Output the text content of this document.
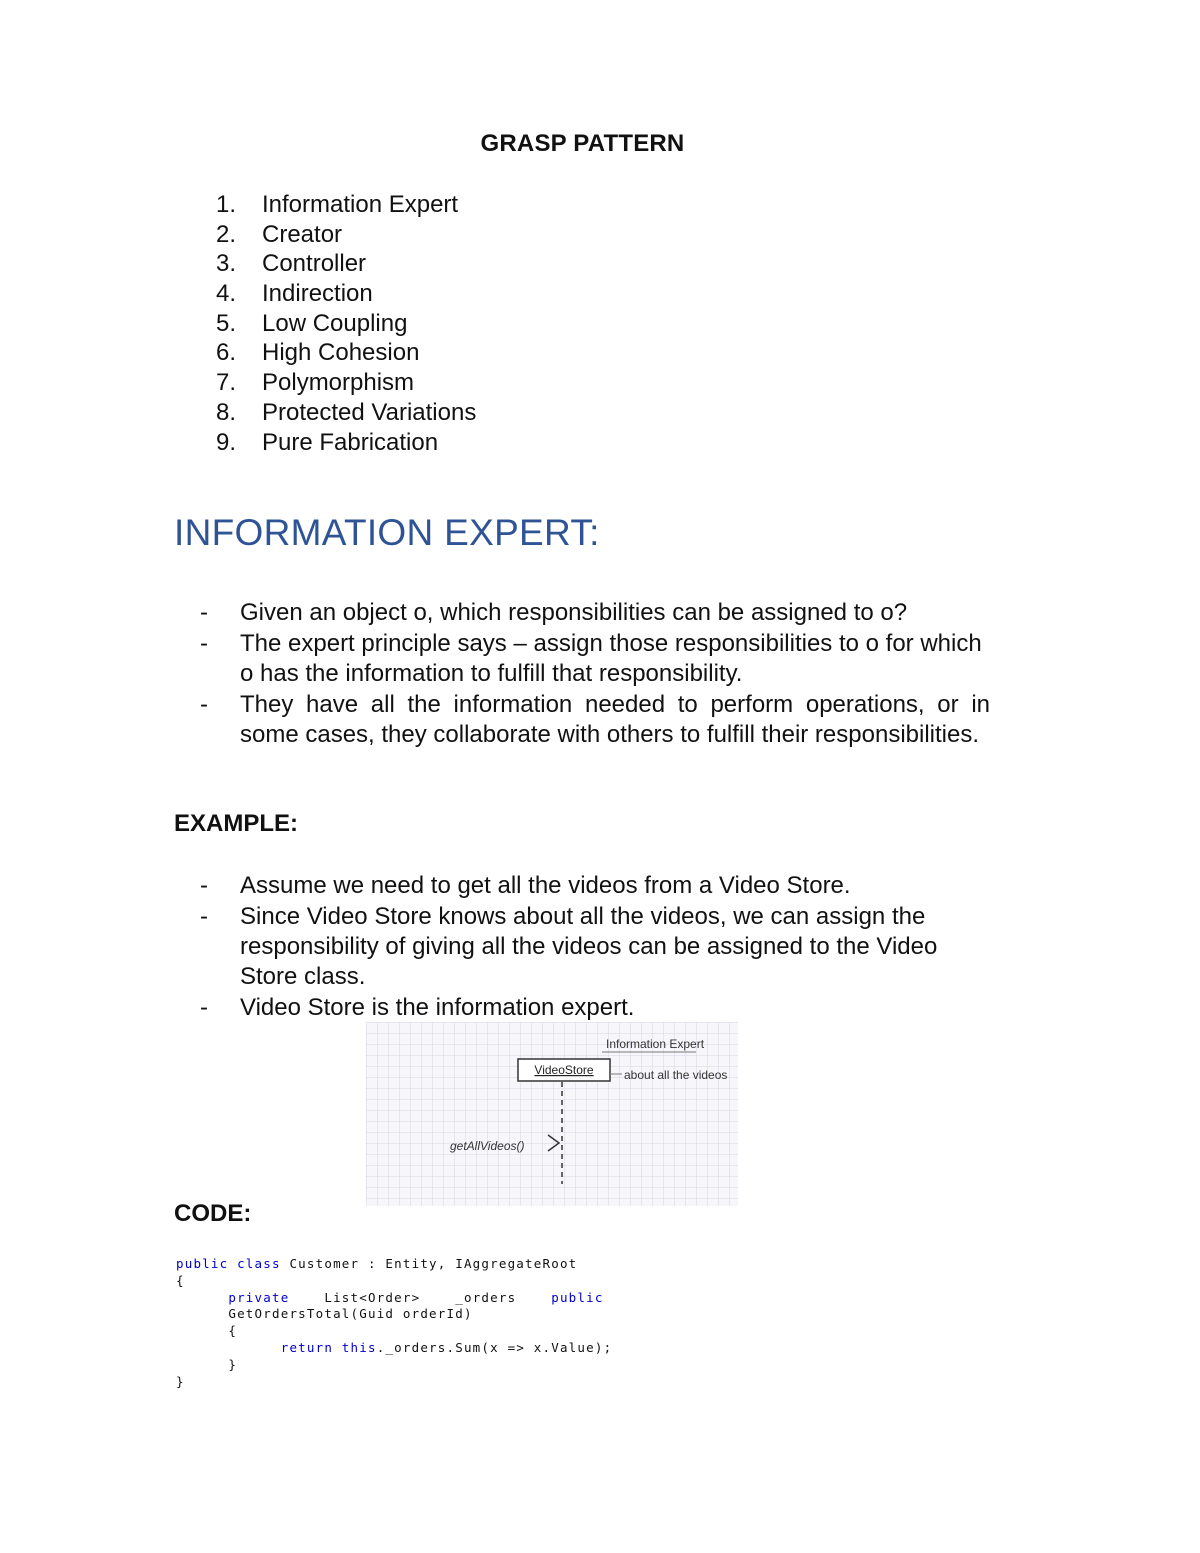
GRASP PATTERN
1. Information Expert
2. Creator
3. Controller
4. Indirection
5. Low Coupling
6. High Cohesion
7. Polymorphism
8. Protected Variations
9. Pure Fabrication
INFORMATION EXPERT:
- Given an object o, which responsibilities can be assigned to o?
- The expert principle says – assign those responsibilities to o for which o has the information to fulfill that responsibility.
- They have all the information needed to perform operations, or in some cases, they collaborate with others to fulfill their responsibilities.
EXAMPLE:
- Assume we need to get all the videos from a Video Store.
- Since Video Store knows about all the videos, we can assign the responsibility of giving all the videos can be assigned to the Video Store class.
- Video Store is the information expert.
VideoStore
Information Expert
about all the videos
getAllVideos()
CODE:
public class Customer : Entity, IAggregateRoot
{
private    List<Order>    _orders    public
GetOrdersTotal(Guid orderId)
{
return this._orders.Sum(x => x.Value);
}
}
